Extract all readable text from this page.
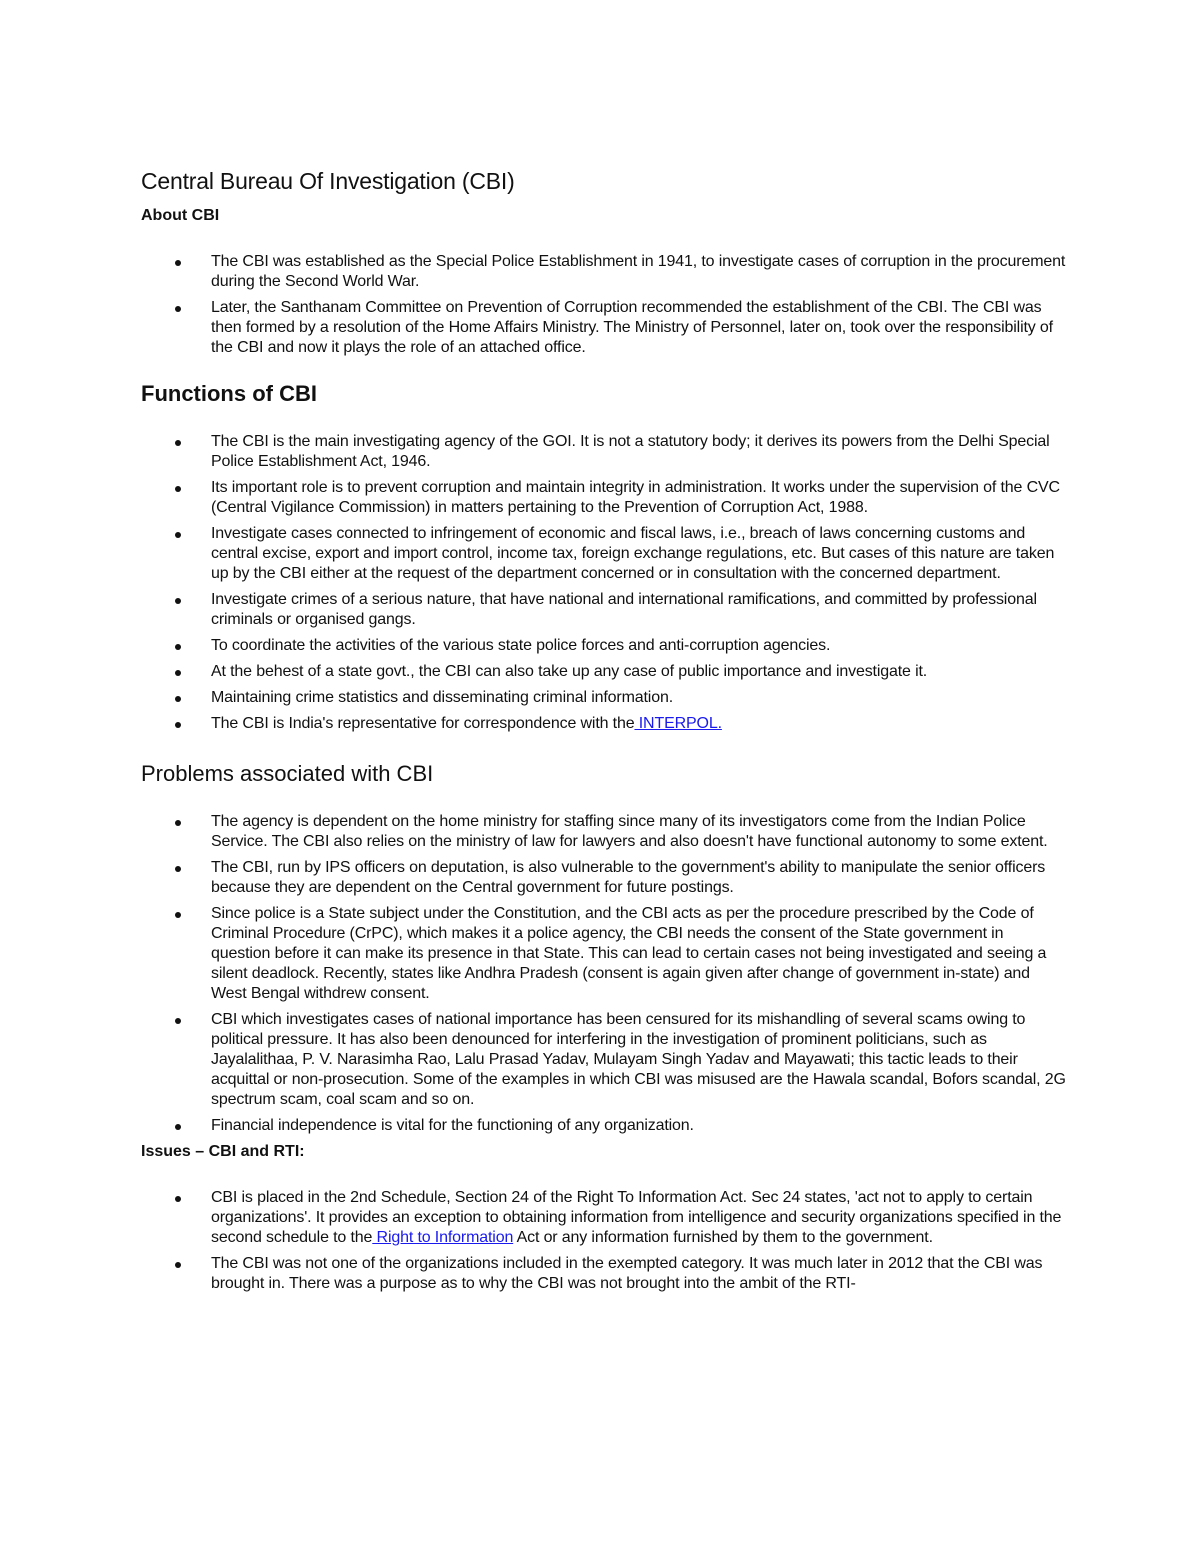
Central Bureau Of Investigation (CBI)
About CBI
The CBI was established as the Special Police Establishment in 1941, to investigate cases of corruption in the procurement during the Second World War.
Later, the Santhanam Committee on Prevention of Corruption recommended the establishment of the CBI. The CBI was then formed by a resolution of the Home Affairs Ministry. The Ministry of Personnel, later on, took over the responsibility of the CBI and now it plays the role of an attached office.
Functions of CBI
The CBI is the main investigating agency of the GOI. It is not a statutory body; it derives its powers from the Delhi Special Police Establishment Act, 1946.
Its important role is to prevent corruption and maintain integrity in administration. It works under the supervision of the CVC (Central Vigilance Commission) in matters pertaining to the Prevention of Corruption Act, 1988.
Investigate cases connected to infringement of economic and fiscal laws, i.e., breach of laws concerning customs and central excise, export and import control, income tax, foreign exchange regulations, etc. But cases of this nature are taken up by the CBI either at the request of the department concerned or in consultation with the concerned department.
Investigate crimes of a serious nature, that have national and international ramifications, and committed by professional criminals or organised gangs.
To coordinate the activities of the various state police forces and anti-corruption agencies.
At the behest of a state govt., the CBI can also take up any case of public importance and investigate it.
Maintaining crime statistics and disseminating criminal information.
The CBI is India's representative for correspondence with the INTERPOL.
Problems associated with CBI
The agency is dependent on the home ministry for staffing since many of its investigators come from the Indian Police Service. The CBI also relies on the ministry of law for lawyers and also doesn't have functional autonomy to some extent.
The CBI, run by IPS officers on deputation, is also vulnerable to the government's ability to manipulate the senior officers because they are dependent on the Central government for future postings.
Since police is a State subject under the Constitution, and the CBI acts as per the procedure prescribed by the Code of Criminal Procedure (CrPC), which makes it a police agency, the CBI needs the consent of the State government in question before it can make its presence in that State. This can lead to certain cases not being investigated and seeing a silent deadlock. Recently, states like Andhra Pradesh (consent is again given after change of government in-state) and West Bengal withdrew consent.
CBI which investigates cases of national importance has been censured for its mishandling of several scams owing to political pressure. It has also been denounced for interfering in the investigation of prominent politicians, such as Jayalalithaa, P. V. Narasimha Rao, Lalu Prasad Yadav, Mulayam Singh Yadav and Mayawati; this tactic leads to their acquittal or non-prosecution. Some of the examples in which CBI was misused are the Hawala scandal, Bofors scandal, 2G spectrum scam, coal scam and so on.
Financial independence is vital for the functioning of any organization.
Issues – CBI and RTI:
CBI is placed in the 2nd Schedule, Section 24 of the Right To Information Act. Sec 24 states, 'act not to apply to certain organizations'. It provides an exception to obtaining information from intelligence and security organizations specified in the second schedule to the Right to Information Act or any information furnished by them to the government.
The CBI was not one of the organizations included in the exempted category. It was much later in 2012 that the CBI was brought in. There was a purpose as to why the CBI was not brought into the ambit of the RTI-
